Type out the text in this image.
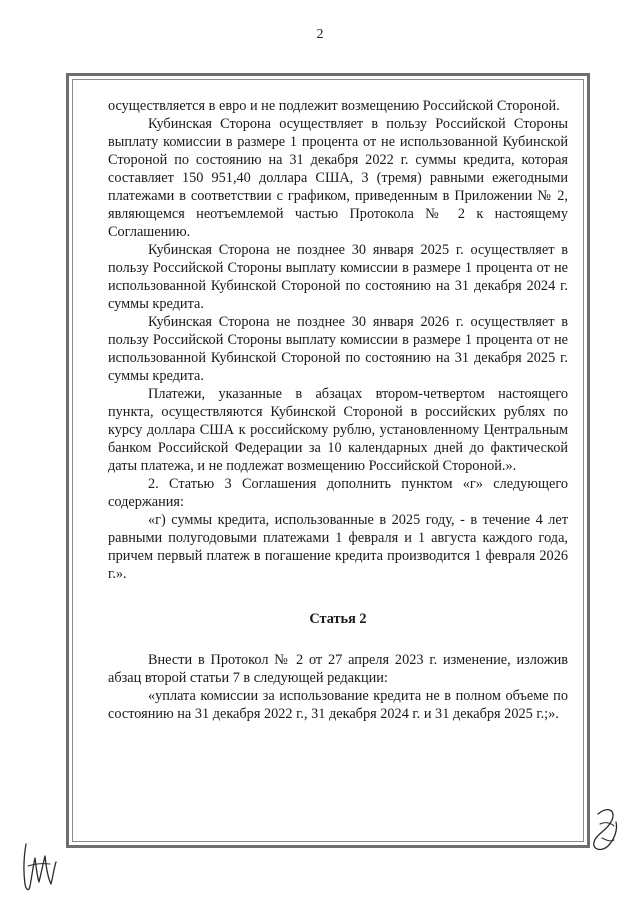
2

осуществляется в евро и не подлежит возмещению Российской Стороной.

Кубинская Сторона осуществляет в пользу Российской Стороны выплату комиссии в размере 1 процента от не использованной Кубинской Стороной по состоянию на 31 декабря 2022 г. суммы кредита, которая составляет 150 951,40 доллара США, 3 (тремя) равными ежегодными платежами в соответствии с графиком, приведенным в Приложении № 2, являющемся неотъемлемой частью Протокола № 2 к настоящему Соглашению.

Кубинская Сторона не позднее 30 января 2025 г. осуществляет в пользу Российской Стороны выплату комиссии в размере 1 процента от не использованной Кубинской Стороной по состоянию на 31 декабря 2024 г. суммы кредита.

Кубинская Сторона не позднее 30 января 2026 г. осуществляет в пользу Российской Стороны выплату комиссии в размере 1 процента от не использованной Кубинской Стороной по состоянию на 31 декабря 2025 г. суммы кредита.

Платежи, указанные в абзацах втором-четвертом настоящего пункта, осуществляются Кубинской Стороной в российских рублях по курсу доллара США к российскому рублю, установленному Центральным банком Российской Федерации за 10 календарных дней до фактической даты платежа, и не подлежат возмещению Российской Стороной.».

2. Статью 3 Соглашения дополнить пунктом «г» следующего содержания:

«г) суммы кредита, использованные в 2025 году, - в течение 4 лет равными полугодовыми платежами 1 февраля и 1 августа каждого года, причем первый платеж в погашение кредита производится 1 февраля 2026 г.».

Статья 2

Внести в Протокол № 2 от 27 апреля 2023 г. изменение, изложив абзац второй статьи 7 в следующей редакции:

«уплата комиссии за использование кредита не в полном объеме по состоянию на 31 декабря 2022 г., 31 декабря 2024 г. и 31 декабря 2025 г.;».
